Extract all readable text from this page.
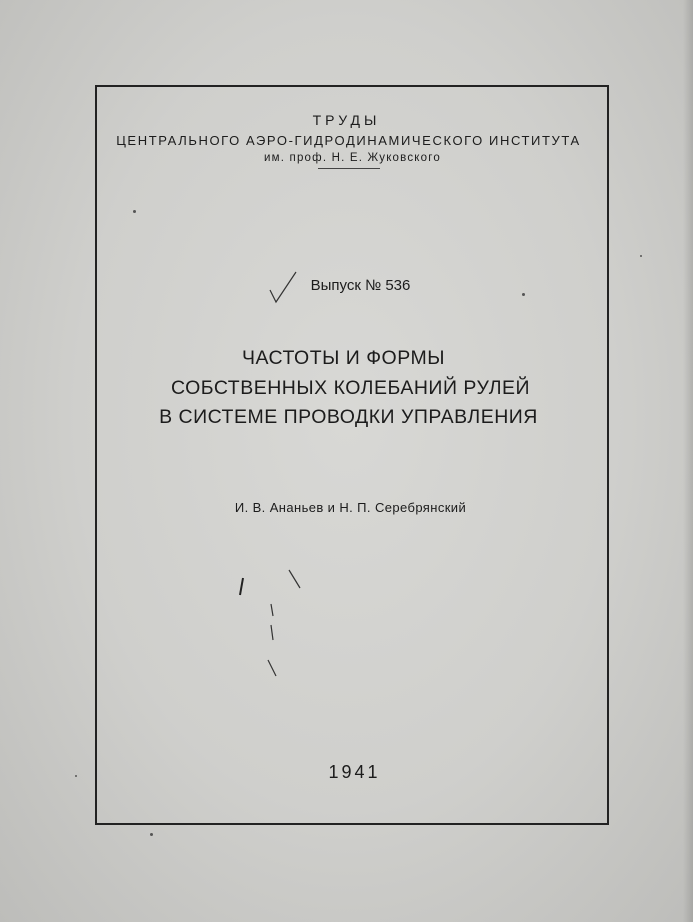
ТРУДЫ
ЦЕНТРАЛЬНОГО АЭРО-ГИДРОДИНАМИЧЕСКОГО ИНСТИТУТА
им. проф. Н. Е. Жуковского
Выпуск № 536
ЧАСТОТЫ И ФОРМЫ
СОБСТВЕННЫХ КОЛЕБАНИЙ РУЛЕЙ
В СИСТЕМЕ ПРОВОДКИ УПРАВЛЕНИЯ
И. В. Ананьев и Н. П. Серебрянский
1941
